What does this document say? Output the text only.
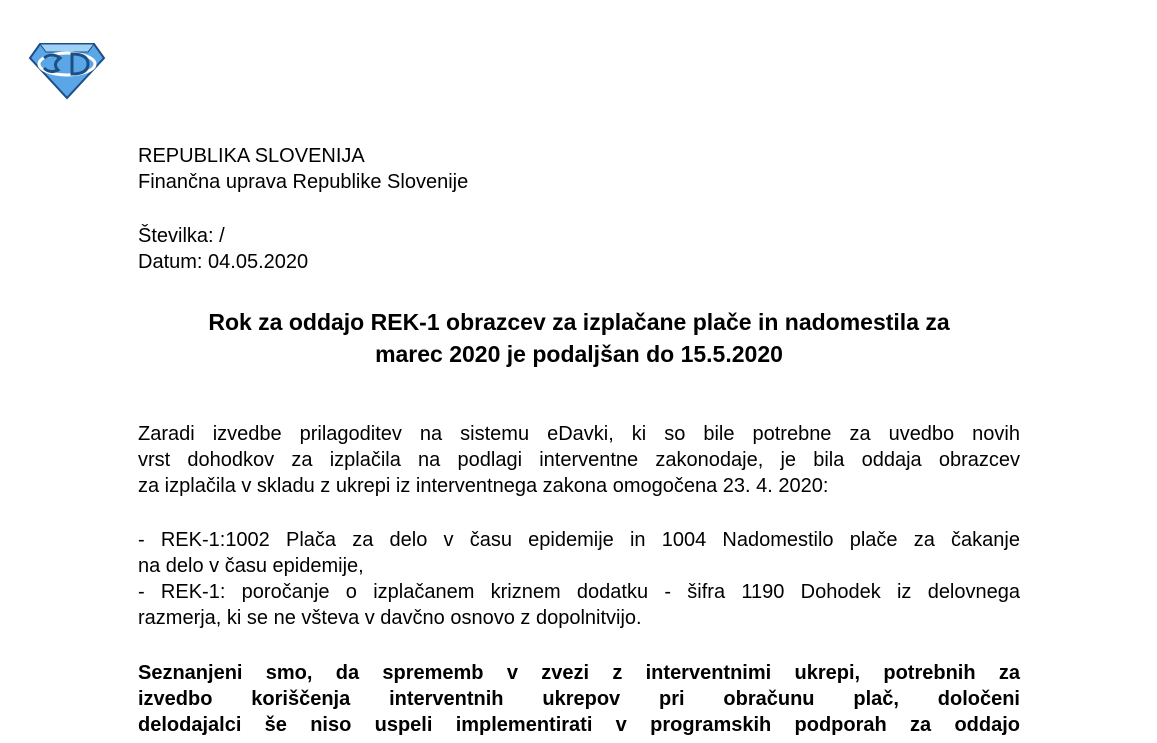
REPUBLIKA SLOVENIJA
Finančna uprava Republike Slovenije
Številka: /
Datum: 04.05.2020
Rok za oddajo REK-1 obrazcev za izplačane plače in nadomestila za
marec 2020 je podaljšan do 15.5.2020
Zaradi izvedbe prilagoditev na sistemu eDavki, ki so bile potrebne za uvedbo novih
vrst dohodkov za izplačila na podlagi interventne zakonodaje, je bila oddaja obrazcev
za izplačila v skladu z ukrepi iz interventnega zakona omogočena 23. 4. 2020:
- REK-1:1002 Plača za delo v času epidemije in 1004 Nadomestilo plače za čakanje
na delo v času epidemije,
- REK-1: poročanje o izplačanem kriznem dodatku - šifra 1190 Dohodek iz delovnega
razmerja, ki se ne všteva v davčno osnovo z dopolnitvijo.
Seznanjeni smo, da sprememb v zvezi z interventnimi ukrepi, potrebnih za
izvedbo koriščenja interventnih ukrepov pri obračunu plač, določeni
delodajalci še niso uspeli implementirati v programskih podporah za oddajo
